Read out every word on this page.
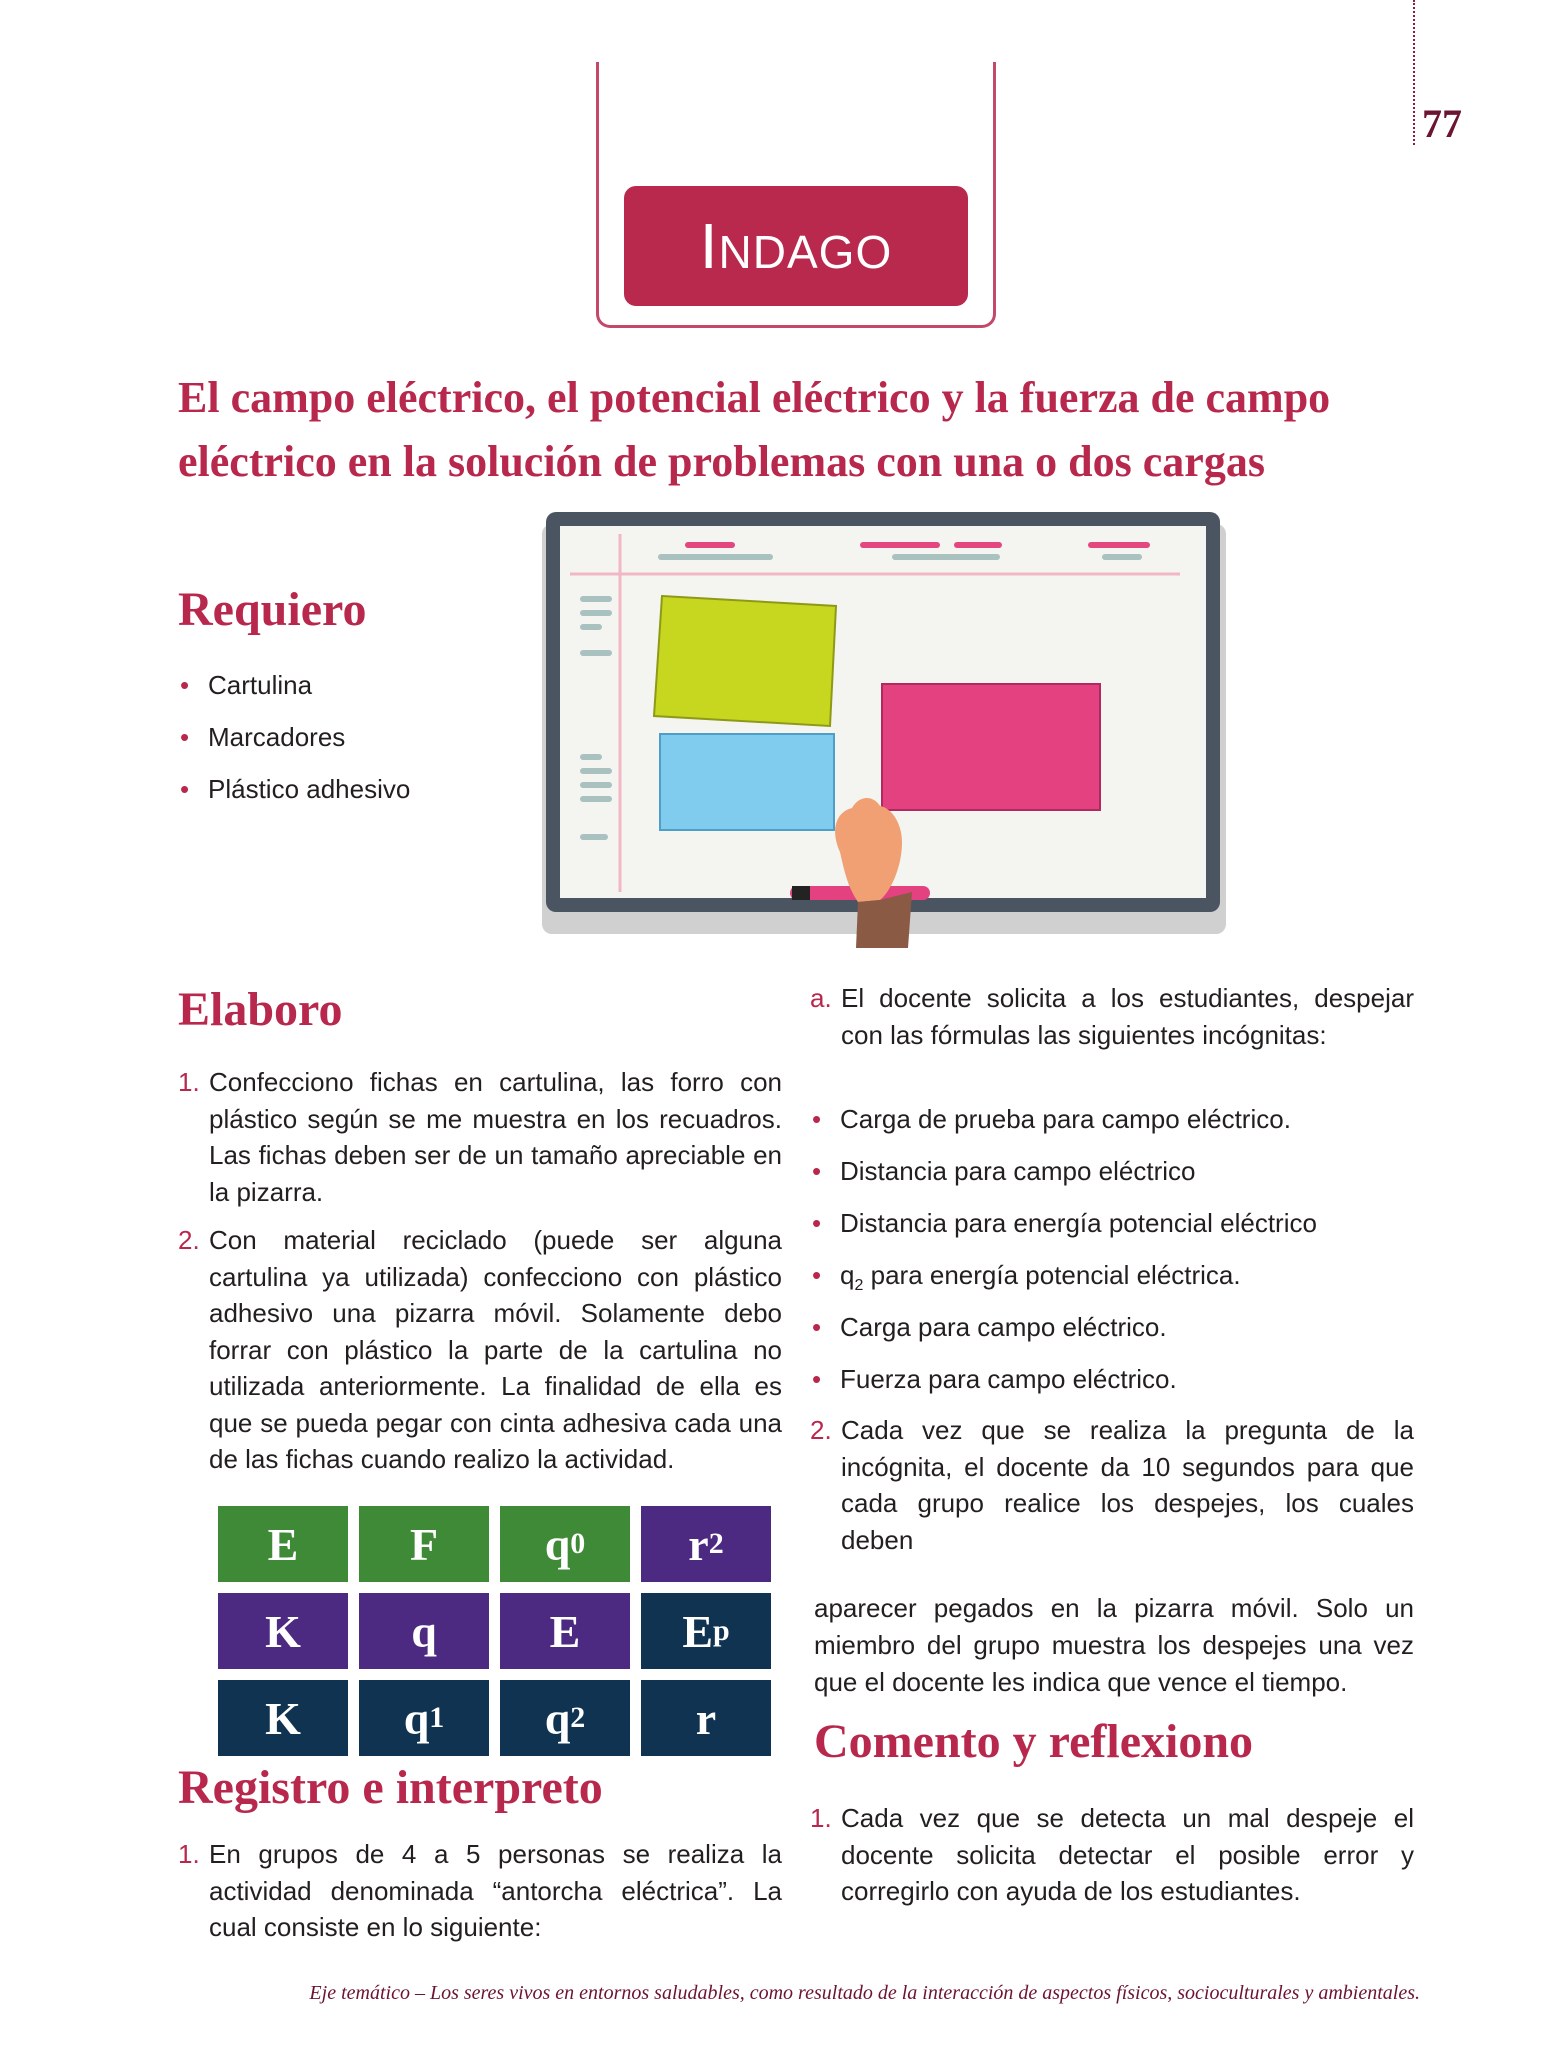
77
INDAGO
El campo eléctrico, el potencial eléctrico y la fuerza de campo eléctrico en la solución de problemas con una o dos cargas
Requiero
• Cartulina
• Marcadores
• Plástico adhesivo
Elaboro
1. Confecciono fichas en cartulina, las forro con plástico según se me muestra en los recuadros. Las fichas deben ser de un tamaño apreciable en la pizarra.
2. Con material reciclado (puede ser alguna cartulina ya utilizada) confecciono con plástico adhesivo una pizarra móvil. Solamente debo forrar con plástico la parte de la cartulina no utilizada anteriormente. La finalidad de ella es que se pueda pegar con cinta adhesiva cada una de las fichas cuando realizo la actividad.
E	F	q 0	r 2
K	q	E	E p
K	q 1	q 2	r
Registro e interpreto
1. En grupos de 4 a 5 personas se realiza la actividad denominada “antorcha eléctrica”. La cual consiste en lo siguiente:
a. El docente solicita a los estudiantes, despejar con las fórmulas las siguientes incógnitas:
• Carga de prueba para campo eléctrico.
• Distancia para campo eléctrico
• Distancia para energía potencial eléctrico
• $q_2$ para energía potencial eléctrica.
• Carga para campo eléctrico.
• Fuerza para campo eléctrico.
2. Cada vez que se realiza la pregunta de la incógnita, el docente da 10 segundos para que cada grupo realice los despejes, los cuales deben
aparecer pegados en la pizarra móvil. Solo un miembro del grupo muestra los despejes una vez que el docente les indica que vence el tiempo.
Comento y reflexiono
1. Cada vez que se detecta un mal despeje el docente solicita detectar el posible error y corregirlo con ayuda de los estudiantes.
Eje temático – Los seres vivos en entornos saludables, como resultado de la interacción de aspectos físicos, socioculturales y ambientales.
